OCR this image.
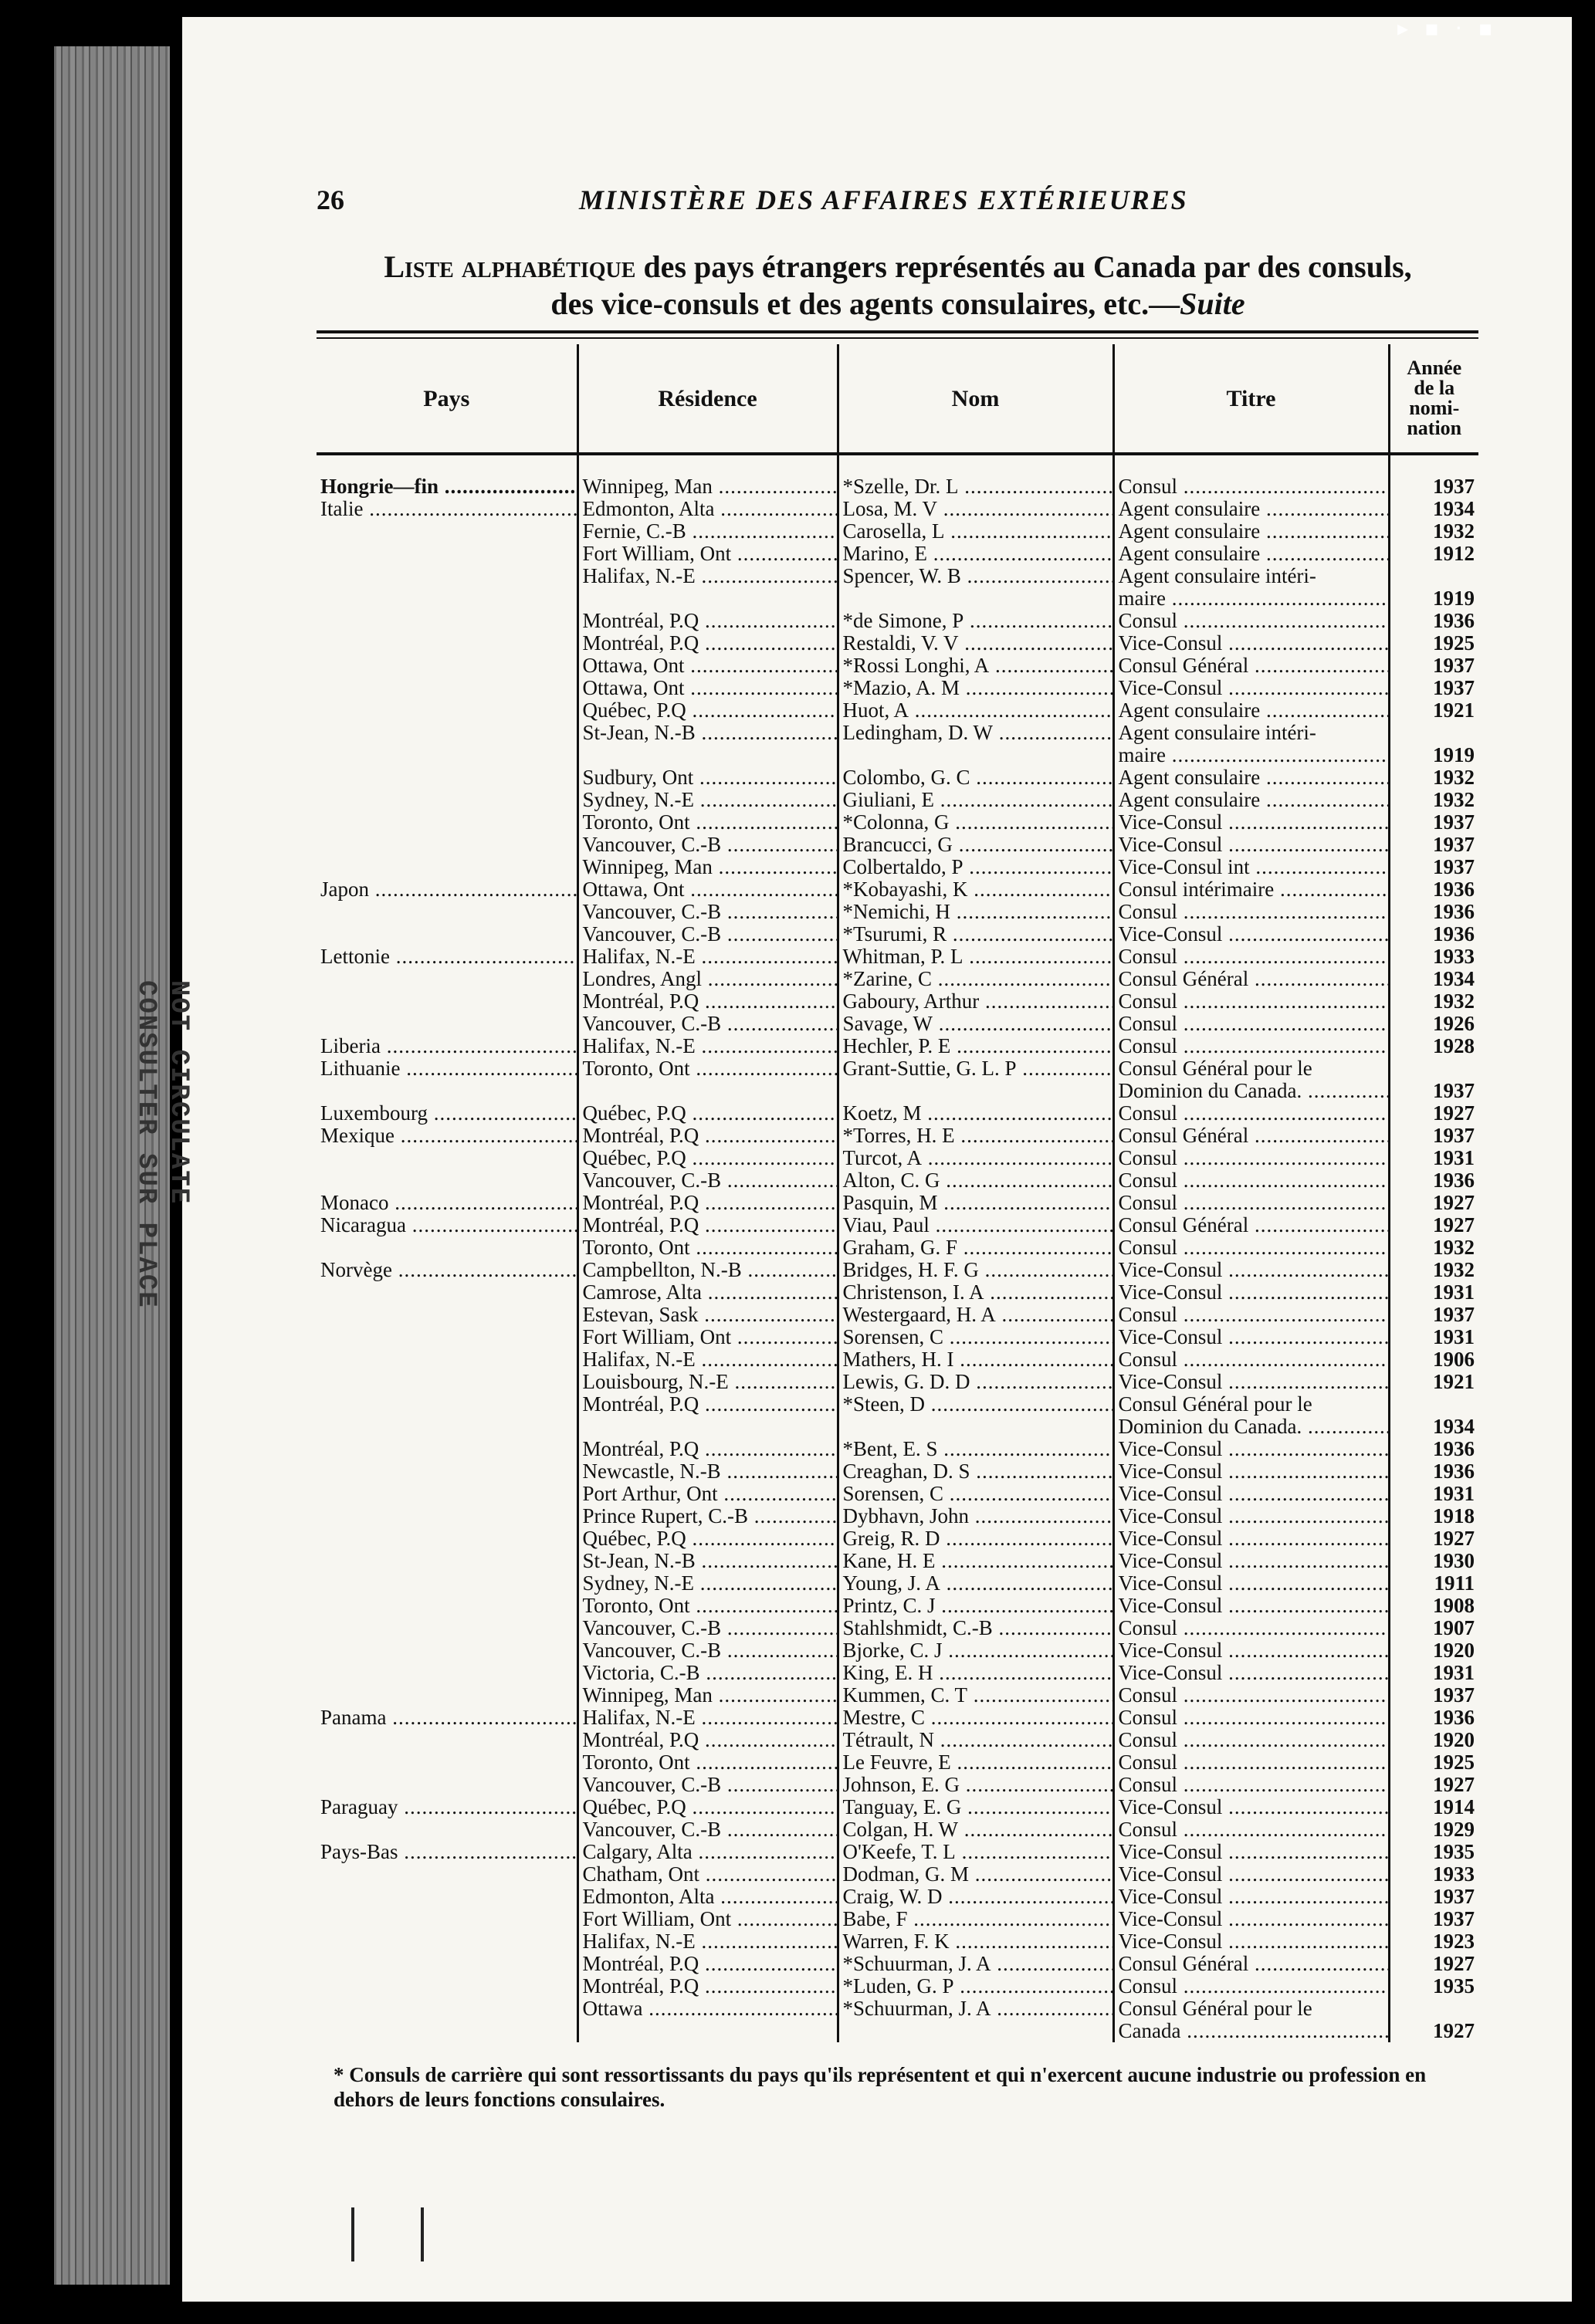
NOT CIRCULATE
CONSULTER SUR PLACE
▸ ▪ · ▪
26	MINISTÈRE DES AFFAIRES EXTÉRIEURES
Liste alphabétique des pays étrangers représentés au Canada par des consuls,
des vice-consuls et des agents consulaires, etc.—Suite
Pays	Résidence	Nom	Titre	Année de la nomi- nation
Hongrie—fin .....	Winnipeg, Man .....	*Szelle, Dr. L .....	Consul .....	1937
Italie .....	Edmonton, Alta .....	Losa, M. V .....	Agent consulaire .....	1934
	Fernie, C.-B .....	Carosella, L .....	Agent consulaire .....	1932
	Fort William, Ont .....	Marino, E .....	Agent consulaire .....	1912
	Halifax, N.-E .....	Spencer, W. B .....	Agent consulaire intéri-	
			maire .....	1919
	Montréal, P.Q .....	*de Simone, P .....	Consul .....	1936
	Montréal, P.Q .....	Restaldi, V. V .....	Vice-Consul .....	1925
	Ottawa, Ont .....	*Rossi Longhi, A .....	Consul Général .....	1937
	Ottawa, Ont .....	*Mazio, A. M .....	Vice-Consul .....	1937
	Québec, P.Q .....	Huot, A .....	Agent consulaire .....	1921
	St-Jean, N.-B .....	Ledingham, D. W .....	Agent consulaire intéri-	
			maire .....	1919
	Sudbury, Ont .....	Colombo, G. C .....	Agent consulaire .....	1932
	Sydney, N.-E .....	Giuliani, E .....	Agent consulaire .....	1932
	Toronto, Ont .....	*Colonna, G .....	Vice-Consul .....	1937
	Vancouver, C.-B .....	Brancucci, G .....	Vice-Consul .....	1937
	Winnipeg, Man .....	Colbertaldo, P .....	Vice-Consul int .....	1937
Japon .....	Ottawa, Ont .....	*Kobayashi, K .....	Consul intérimaire .....	1936
	Vancouver, C.-B .....	*Nemichi, H .....	Consul .....	1936
	Vancouver, C.-B .....	*Tsurumi, R .....	Vice-Consul .....	1936
Lettonie .....	Halifax, N.-E .....	Whitman, P. L .....	Consul .....	1933
	Londres, Angl .....	*Zarine, C .....	Consul Général .....	1934
	Montréal, P.Q .....	Gaboury, Arthur .....	Consul .....	1932
	Vancouver, C.-B .....	Savage, W .....	Consul .....	1926
Liberia .....	Halifax, N.-E .....	Hechler, P. E .....	Consul .....	1928
Lithuanie .....	Toronto, Ont .....	Grant-Suttie, G. L. P .....	Consul Général pour le	
			Dominion du Canada. .....	1937
Luxembourg .....	Québec, P.Q .....	Koetz, M .....	Consul .....	1927
Mexique .....	Montréal, P.Q .....	*Torres, H. E .....	Consul Général .....	1937
	Québec, P.Q .....	Turcot, A .....	Consul .....	1931
	Vancouver, C.-B .....	Alton, C. G .....	Consul .....	1936
Monaco .....	Montréal, P.Q .....	Pasquin, M .....	Consul .....	1927
Nicaragua .....	Montréal, P.Q .....	Viau, Paul .....	Consul Général .....	1927
	Toronto, Ont .....	Graham, G. F .....	Consul .....	1932
Norvège .....	Campbellton, N.-B .....	Bridges, H. F. G .....	Vice-Consul .....	1932
	Camrose, Alta .....	Christenson, I. A .....	Vice-Consul .....	1931
	Estevan, Sask .....	Westergaard, H. A .....	Consul .....	1937
	Fort William, Ont .....	Sorensen, C .....	Vice-Consul .....	1931
	Halifax, N.-E .....	Mathers, H. I .....	Consul .....	1906
	Louisbourg, N.-E .....	Lewis, G. D. D .....	Vice-Consul .....	1921
	Montréal, P.Q .....	*Steen, D .....	Consul Général pour le	
			Dominion du Canada. .....	1934
	Montréal, P.Q .....	*Bent, E. S .....	Vice-Consul .....	1936
	Newcastle, N.-B .....	Creaghan, D. S .....	Vice-Consul .....	1936
	Port Arthur, Ont .....	Sorensen, C .....	Vice-Consul .....	1931
	Prince Rupert, C.-B .....	Dybhavn, John .....	Vice-Consul .....	1918
	Québec, P.Q .....	Greig, R. D .....	Vice-Consul .....	1927
	St-Jean, N.-B .....	Kane, H. E .....	Vice-Consul .....	1930
	Sydney, N.-E .....	Young, J. A .....	Vice-Consul .....	1911
	Toronto, Ont .....	Printz, C. J .....	Vice-Consul .....	1908
	Vancouver, C.-B .....	Stahlshmidt, C.-B .....	Consul .....	1907
	Vancouver, C.-B .....	Bjorke, C. J .....	Vice-Consul .....	1920
	Victoria, C.-B .....	King, E. H .....	Vice-Consul .....	1931
	Winnipeg, Man .....	Kummen, C. T .....	Consul .....	1937
Panama .....	Halifax, N.-E .....	Mestre, C .....	Consul .....	1936
	Montréal, P.Q .....	Tétrault, N .....	Consul .....	1920
	Toronto, Ont .....	Le Feuvre, E .....	Consul .....	1925
	Vancouver, C.-B .....	Johnson, E. G .....	Consul .....	1927
Paraguay .....	Québec, P.Q .....	Tanguay, E. G .....	Vice-Consul .....	1914
	Vancouver, C.-B .....	Colgan, H. W .....	Consul .....	1929
Pays-Bas .....	Calgary, Alta .....	O'Keefe, T. L .....	Vice-Consul .....	1935
	Chatham, Ont .....	Dodman, G. M .....	Vice-Consul .....	1933
	Edmonton, Alta .....	Craig, W. D .....	Vice-Consul .....	1937
	Fort William, Ont .....	Babe, F .....	Vice-Consul .....	1937
	Halifax, N.-E .....	Warren, F. K .....	Vice-Consul .....	1923
	Montréal, P.Q .....	*Schuurman, J. A .....	Consul Général .....	1927
	Montréal, P.Q .....	*Luden, G. P .....	Consul .....	1935
	Ottawa .....	*Schuurman, J. A .....	Consul Général pour le	
			Canada .....	1927
* Consuls de carrière qui sont ressortissants du pays qu'ils représentent et qui n'exercent aucune industrie ou profession en dehors de leurs fonctions consulaires.
